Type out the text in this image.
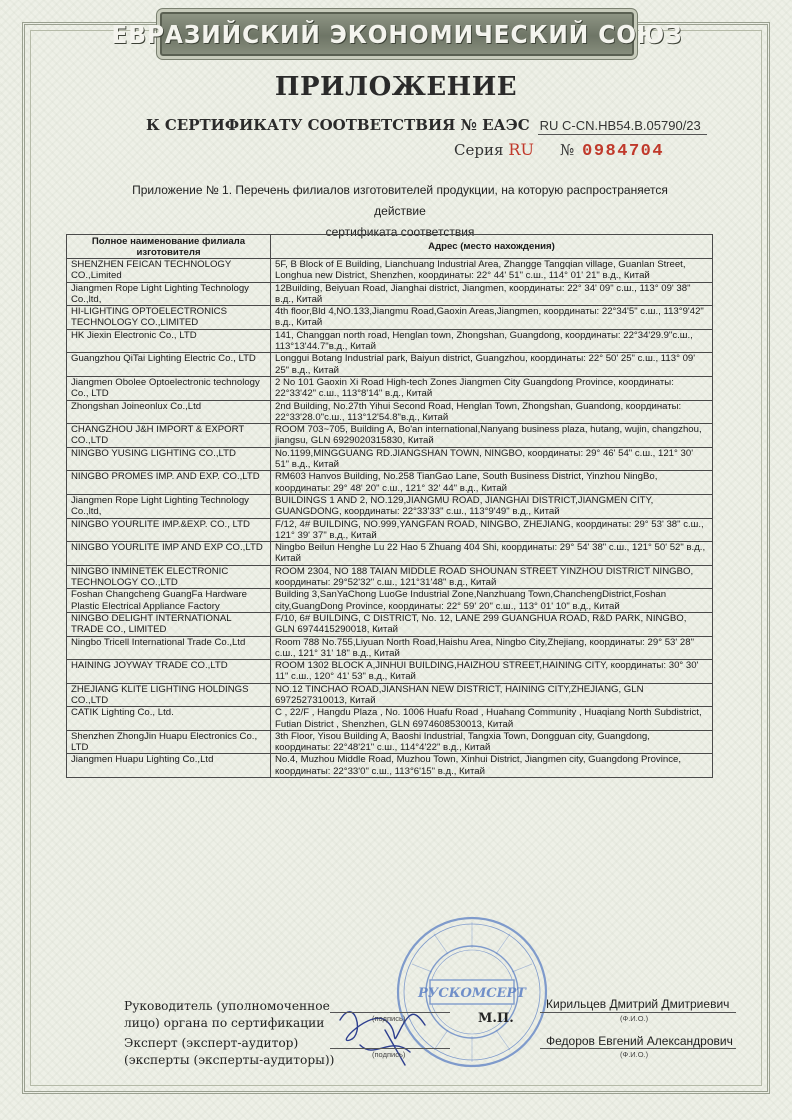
ЕВРАЗИЙСКИЙ ЭКОНОМИЧЕСКИЙ СОЮЗ
ПРИЛОЖЕНИЕ
К СЕРТИФИКАТУ СООТВЕТСТВИЯ № ЕАЭС RU C-CN.HB54.B.05790/23
Серия RU № 0984704
Приложение № 1. Перечень филиалов изготовителей продукции, на которую распространяется действие
сертификата соответствия
Полное наименование филиала изготовителя	Адрес (место нахождения)
SHENZHEN FEICAN TECHNOLOGY CO.,Limited	5F, B Block of E Building, Lianchuang Industrial Area, Zhangge Tangqian village, Guanlan Street, Longhua new District, Shenzhen, координаты: 22° 44' 51" с.ш., 114° 01' 21" в.д., Китай
Jiangmen Rope Light Lighting Technology Co.,ltd,	12Building, Beiyuan Road, Jianghai district, Jiangmen, координаты: 22° 34' 09" с.ш., 113° 09' 38" в.д., Китай
HI-LIGHTING OPTOELECTRONICS TECHNOLOGY CO.,LIMITED	4th floor,Bld 4,NO.133,Jiangmu Road,Gaoxin Areas,Jiangmen, координаты: 22°34'5" с.ш., 113°9'42" в.д., Китай
HK Jiexin Electronic Co., LTD	141, Changgan north road, Henglan town, Zhongshan, Guangdong, координаты: 22°34'29.9"с.ш., 113°13'44.7"в.д., Китай
Guangzhou QiTai Lighting Electric Co., LTD	Longgui Botang Industrial park, Baiyun district, Guangzhou, координаты: 22° 50' 25" с.ш., 113° 09' 25" в.д., Китай
Jiangmen Obolee Optoelectronic technology Co., LTD	2 No 101 Gaoxin Xi Road High-tech Zones Jiangmen City Guangdong Province, координаты: 22°33'42" с.ш., 113°8'14" в.д., Китай
Zhongshan Joineonlux Co.,Ltd	2nd Building, No.27th Yihui Second Road, Henglan Town, Zhongshan, Guandong, координаты: 22°33'28.0"с.ш., 113°12'54.8"в.д., Китай
CHANGZHOU J&H IMPORT & EXPORT CO.,LTD	ROOM 703~705, Building A, Bo'an international,Nanyang business plaza, hutang, wujin, changzhou, jiangsu, GLN 6929020315830, Китай
NINGBO YUSING LIGHTING CO.,LTD	No.1199,MINGGUANG RD.JIANGSHAN TOWN, NINGBO, координаты: 29° 46' 54" с.ш., 121° 30' 51" в.д., Китай
NINGBO PROMES IMP. AND EXP. CO.,LTD	RM603 Hanvos Building, No.258 TianGao Lane, South Business District, Yinzhou NingBo, координаты: 29° 48' 20" с.ш., 121° 32' 44" в.д., Китай
Jiangmen Rope Light Lighting Technology Co.,ltd,	BUILDINGS 1 AND 2, NO.129,JIANGMU ROAD, JIANGHAI DISTRICT,JIANGMEN CITY, GUANGDONG, координаты: 22°33'33" с.ш., 113°9'49" в.д., Китай
NINGBO YOURLITE IMP.&EXP. CO., LTD	F/12, 4# BUILDING, NO.999,YANGFAN ROAD, NINGBO, ZHEJIANG, координаты: 29° 53' 38" с.ш., 121° 39' 37" в.д., Китай
NINGBO YOURLITE IMP AND EXP CO.,LTD	Ningbo Beilun Henghe Lu 22 Hao 5 Zhuang 404 Shi, координаты: 29° 54' 38" с.ш., 121° 50' 52" в.д., Китай
NINGBO INMINETEK ELECTRONIC TECHNOLOGY CO.,LTD	ROOM 2304, NO 188 TAIAN MIDDLE ROAD SHOUNAN STREET YINZHOU DISTRICT NINGBO, координаты: 29°52'32" с.ш., 121°31'48" в.д., Китай
Foshan Changcheng GuangFa Hardware Plastic Electrical Appliance Factory	Building 3,SanYaChong LuoGe Industrial Zone,Nanzhuang Town,ChanchengDistrict,Foshan city,GuangDong Province, координаты: 22° 59' 20" с.ш., 113° 01' 10" в.д., Китай
NINGBO DELIGHT INTERNATIONAL TRADE CO., LIMITED	F/10, 6# BUILDING, C DISTRICT, No. 12, LANE 299 GUANGHUA ROAD, R&D PARK, NINGBO, GLN 6974415290018, Китай
Ningbo Tricell International Trade Co.,Ltd	Room 788 No.755,Liyuan North Road,Haishu Area, Ningbo City,Zhejiang, координаты: 29° 53' 28" с.ш., 121° 31' 18" в.д., Китай
HAINING JOYWAY TRADE CO.,LTD	ROOM 1302 BLOCK A,JINHUI BUILDING,HAIZHOU STREET,HAINING CITY, координаты: 30° 30' 11" с.ш., 120° 41' 53" в.д., Китай
ZHEJIANG KLITE LIGHTING HOLDINGS CO.,LTD	NO.12 TINCHAO ROAD,JIANSHAN NEW DISTRICT, HAINING CITY,ZHEJIANG, GLN 6972527310013, Китай
CATIK Lighting Co., Ltd.	C , 22/F , Hangdu Plaza , No. 1006 Huafu Road , Huahang Community , Huaqiang North Subdistrict, Futian District , Shenzhen, GLN 6974608530013, Китай
Shenzhen ZhongJin Huapu Electronics Co., LTD	3th Floor, Yisou Building A, Baoshi Industrial, Tangxia Town, Dongguan city, Guangdong, координаты: 22°48'21" с.ш., 114°4'22" в.д., Китай
Jiangmen Huapu Lighting Co.,Ltd	No.4, Muzhou Middle Road, Muzhou Town, Xinhui District, Jiangmen city, Guangdong Province, координаты: 22°33'0" с.ш., 113°6'15" в.д., Китай
РУСКОМСЕРТ
Руководитель (уполномоченное
лицо) органа по сертификации
Эксперт (эксперт-аудитор)
(эксперты (эксперты-аудиторы))
(подпись)
(подпись)
М.П.
Кирильцев Дмитрий Дмитриевич
(Ф.И.О.)
Федоров Евгений Александрович
(Ф.И.О.)
